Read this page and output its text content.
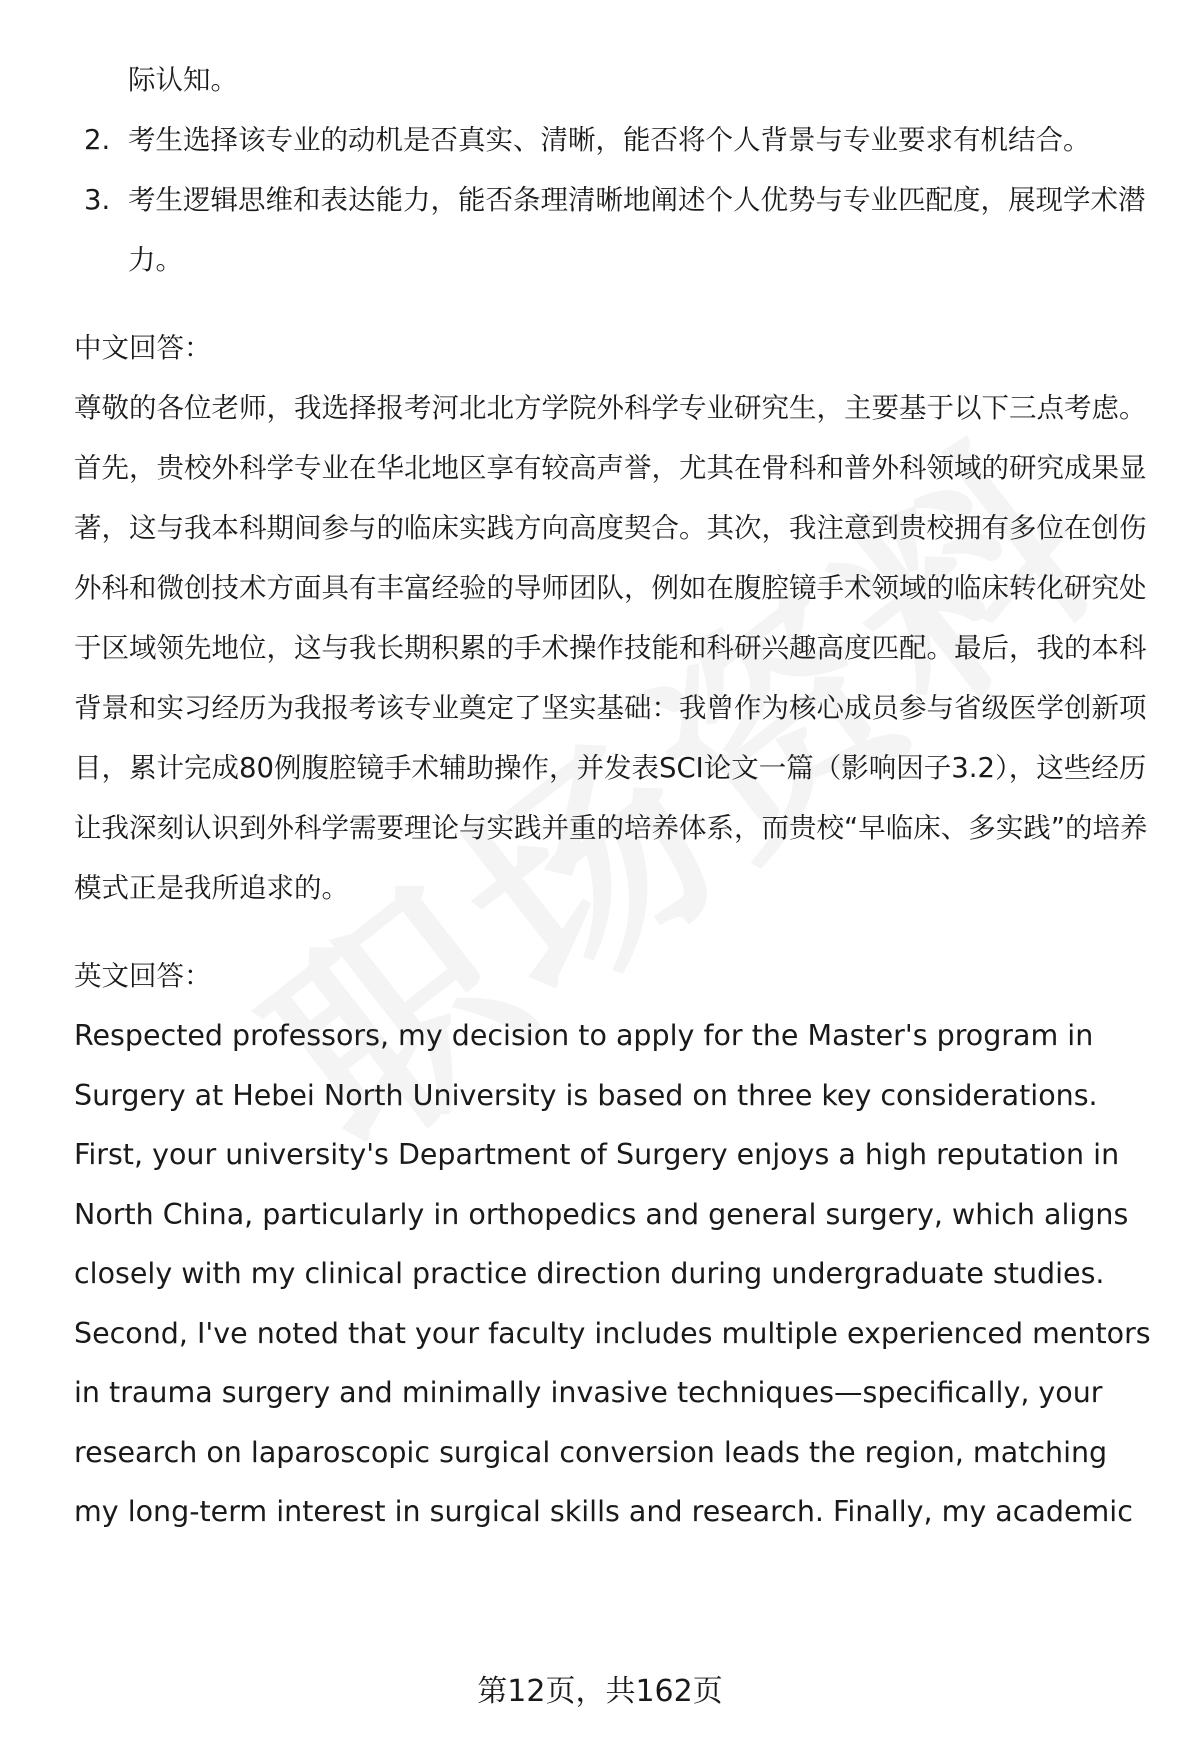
际认知。

2. 考生选择该专业的动机是否真实、清晰，能否将个人背景与专业要求有机结合。
3. 考生逻辑思维和表达能力，能否条理清晰地阐述个人优势与专业匹配度，展现学术潜力。

中文回答：

尊敬的各位老师，我选择报考河北北方学院外科学专业研究生，主要基于以下三点考虑。首先，贵校外科学专业在华北地区享有较高声誉，尤其在骨科和普外科领域的研究成果显著，这与我本科期间参与的临床实践方向高度契合。其次，我注意到贵校拥有多位在创伤外科和微创技术方面具有丰富经验的导师团队，例如在腹腔镜手术领域的临床转化研究处于区域领先地位，这与我长期积累的手术操作技能和科研兴趣高度匹配。最后，我的本科背景和实习经历为我报考该专业奠定了坚实基础：我曾作为核心成员参与省级医学创新项目，累计完成80例腹腔镜手术辅助操作，并发表SCI论文一篇（影响因子3.2），这些经历让我深刻认识到外科学需要理论与实践并重的培养体系，而贵校“早临床、多实践”的培养模式正是我所追求的。

英文回答：

Respected professors, my decision to apply for the Master's program in Surgery at Hebei North University is based on three key considerations. First, your university's Department of Surgery enjoys a high reputation in North China, particularly in orthopedics and general surgery, which aligns closely with my clinical practice direction during undergraduate studies. Second, I've noted that your faculty includes multiple experienced mentors in trauma surgery and minimally invasive techniques—specifically, your research on laparoscopic surgical conversion leads the region, matching my long-term interest in surgical skills and research. Finally, my academic

第12页，共162页
